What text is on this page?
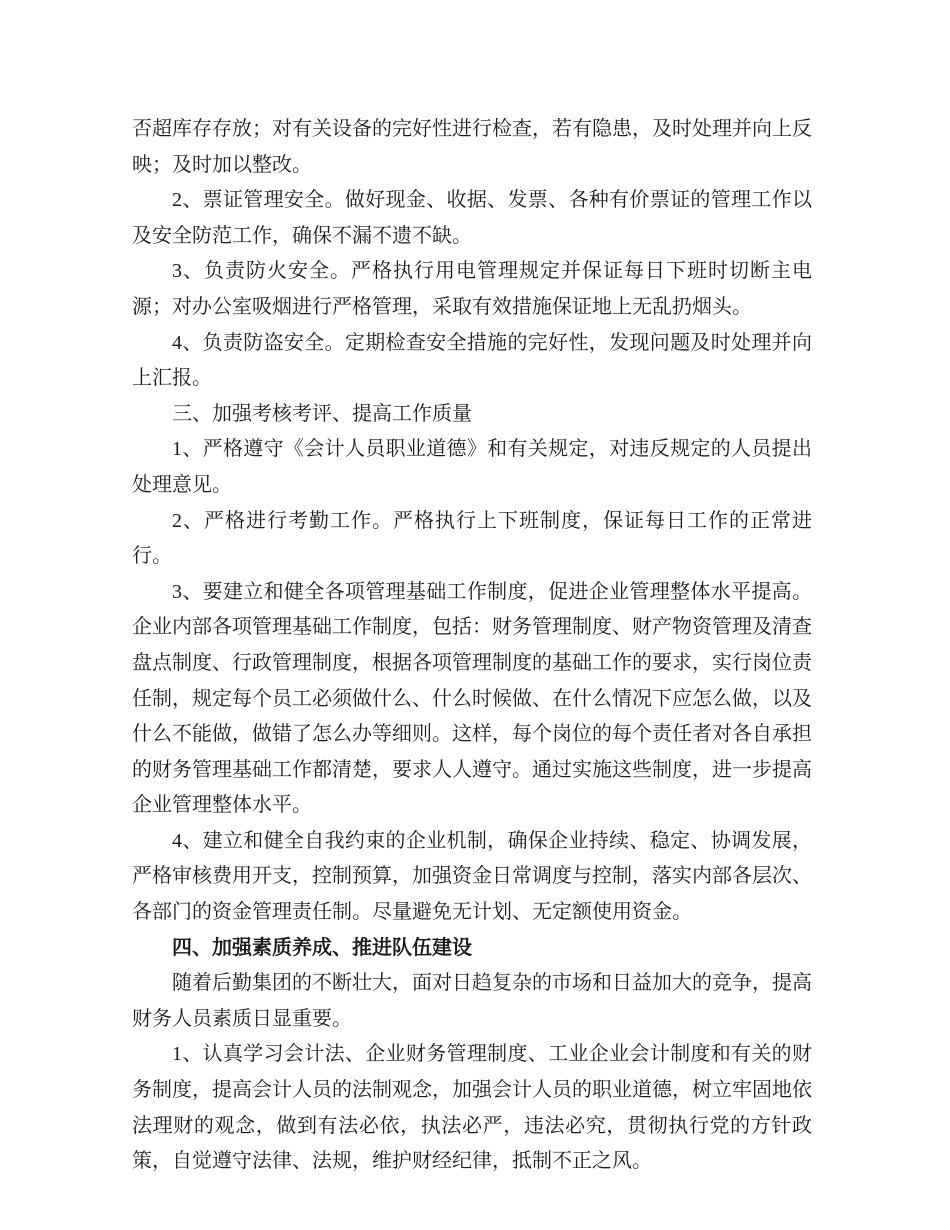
否超库存存放；对有关设备的完好性进行检查，若有隐患，及时处理并向上反映；及时加以整改。

2、票证管理安全。做好现金、收据、发票、各种有价票证的管理工作以及安全防范工作，确保不漏不遗不缺。

3、负责防火安全。严格执行用电管理规定并保证每日下班时切断主电源；对办公室吸烟进行严格管理，采取有效措施保证地上无乱扔烟头。

4、负责防盗安全。定期检查安全措施的完好性，发现问题及时处理并向上汇报。

三、加强考核考评、提高工作质量

1、严格遵守《会计人员职业道德》和有关规定，对违反规定的人员提出处理意见。

2、严格进行考勤工作。严格执行上下班制度，保证每日工作的正常进行。

3、要建立和健全各项管理基础工作制度，促进企业管理整体水平提高。企业内部各项管理基础工作制度，包括：财务管理制度、财产物资管理及清查盘点制度、行政管理制度，根据各项管理制度的基础工作的要求，实行岗位责任制，规定每个员工必须做什么、什么时候做、在什么情况下应怎么做，以及什么不能做，做错了怎么办等细则。这样，每个岗位的每个责任者对各自承担的财务管理基础工作都清楚，要求人人遵守。通过实施这些制度，进一步提高企业管理整体水平。

4、建立和健全自我约束的企业机制，确保企业持续、稳定、协调发展，严格审核费用开支，控制预算，加强资金日常调度与控制，落实内部各层次、各部门的资金管理责任制。尽量避免无计划、无定额使用资金。

四、加强素质养成、推进队伍建设

随着后勤集团的不断壮大，面对日趋复杂的市场和日益加大的竞争，提高财务人员素质日显重要。

1、认真学习会计法、企业财务管理制度、工业企业会计制度和有关的财务制度，提高会计人员的法制观念，加强会计人员的职业道德，树立牢固地依法理财的观念，做到有法必依，执法必严，违法必究，贯彻执行党的方针政策，自觉遵守法律、法规，维护财经纪律，抵制不正之风。
